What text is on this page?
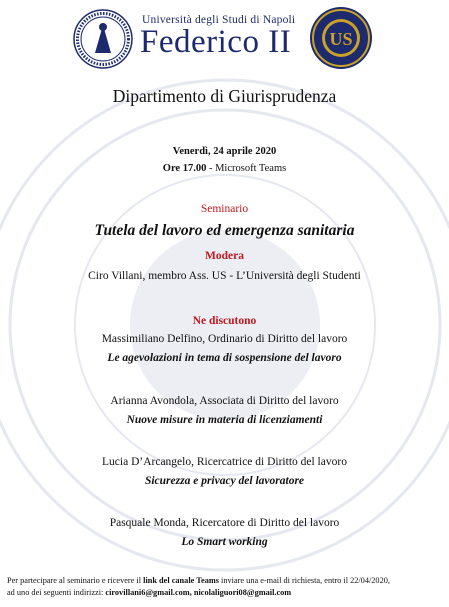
Università degli Studi di Napoli
Federico II US
Dipartimento di Giurisprudenza
Venerdì, 24 aprile 2020
Ore 17.00 - Microsoft Teams
Seminario
Tutela del lavoro ed emergenza sanitaria
Modera
Ciro Villani, membro Ass. US - L’Università degli Studenti
Ne discutono
Massimiliano Delfino, Ordinario di Diritto del lavoro
Le agevolazioni in tema di sospensione del lavoro
Arianna Avondola, Associata di Diritto del lavoro
Nuove misure in materia di licenziamenti
Lucia D’Arcangelo, Ricercatrice di Diritto del lavoro
Sicurezza e privacy del lavoratore
Pasquale Monda, Ricercatore di Diritto del lavoro
Lo Smart working
Per partecipare al seminario e ricevere il link del canale Teams inviare una e-mail di richiesta, entro il 22/04/2020,
ad uno dei seguenti indirizzi: cirovillani6@gmail.com, nicolaliguori08@gmail.com
